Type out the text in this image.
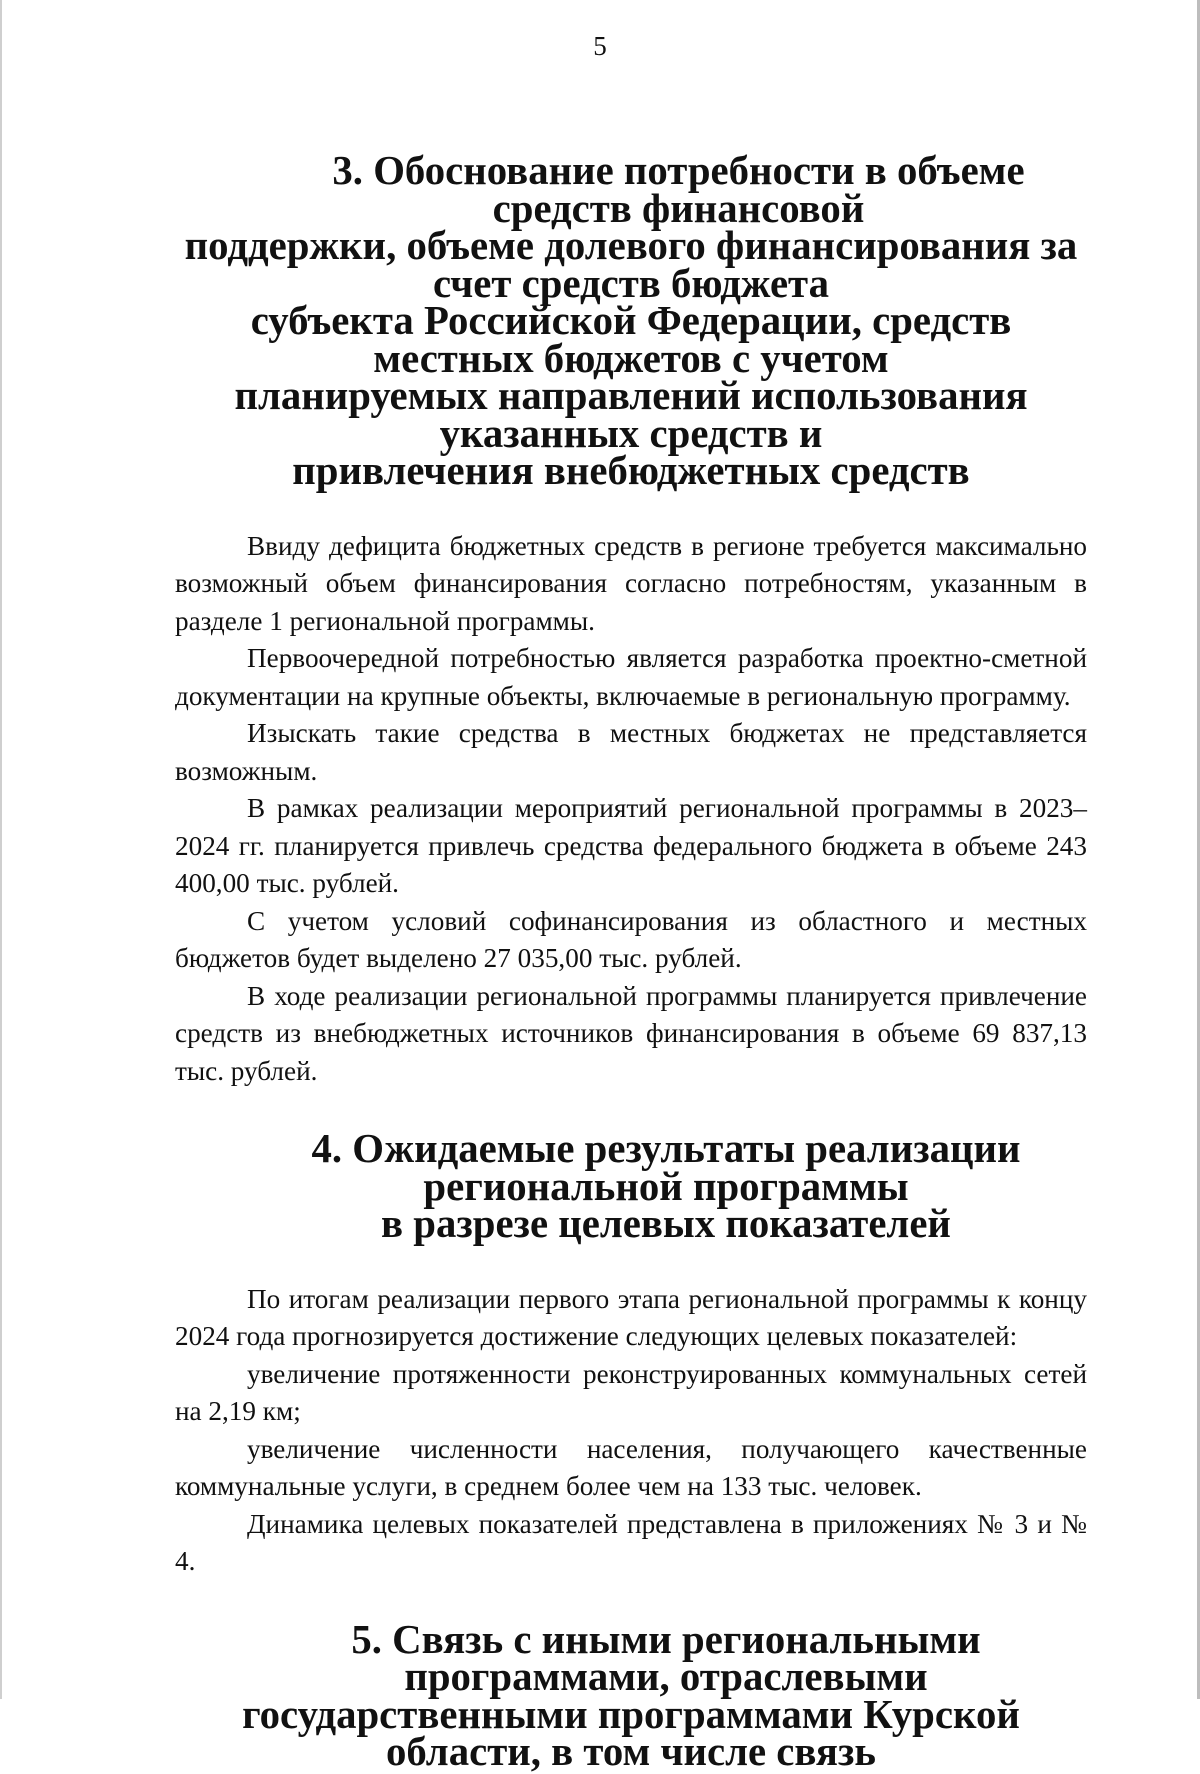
5
3. Обоснование потребности в объеме средств финансовой
поддержки, объеме долевого финансирования за счет средств бюджета
субъекта Российской Федерации, средств местных бюджетов с учетом
планируемых направлений использования указанных средств и
привлечения внебюджетных средств

Ввиду дефицита бюджетных средств в регионе требуется максимально возможный объем финансирования согласно потребностям, указанным в разделе 1 региональной программы.

Первоочередной потребностью является разработка проектно-сметной документации на крупные объекты, включаемые в региональную программу.

Изыскать такие средства в местных бюджетах не представляется возможным.

В рамках реализации мероприятий региональной программы в 2023–2024 гг. планируется привлечь средства федерального бюджета в объеме 243 400,00 тыс. рублей.

С учетом условий софинансирования из областного и местных бюджетов будет выделено 27 035,00 тыс. рублей.

В ходе реализации региональной программы планируется привлечение средств из внебюджетных источников финансирования в объеме 69 837,13 тыс. рублей.

4. Ожидаемые результаты реализации региональной программы
в разрезе целевых показателей

По итогам реализации первого этапа региональной программы к концу 2024 года прогнозируется достижение следующих целевых показателей:

увеличение протяженности реконструированных коммунальных сетей на 2,19 км;

увеличение численности населения, получающего качественные коммунальные услуги, в среднем более чем на 133 тыс. человек.

Динамика целевых показателей представлена в приложениях № 3 и № 4.

5. Связь с иными региональными программами, отраслевыми
государственными программами Курской области, в том числе связь
